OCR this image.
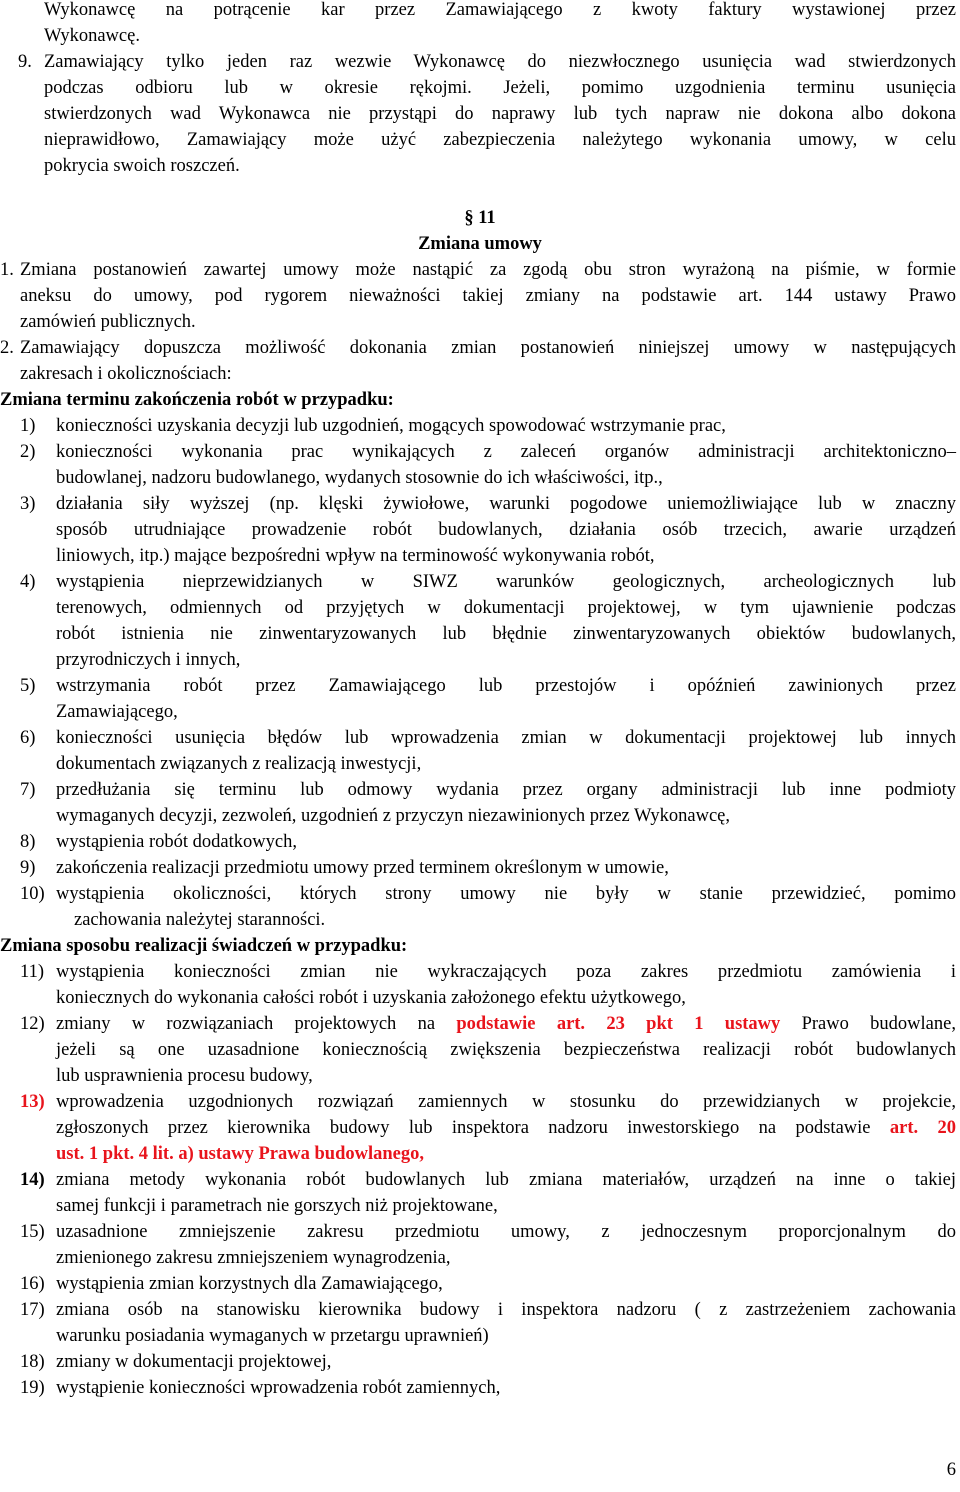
Wykonawcę na potrącenie kar przez Zamawiającego z kwoty faktury wystawionej przez
Wykonawcę.
9. Zamawiający tylko jeden raz wezwie Wykonawcę do niezwłocznego usunięcia wad stwierdzonych
podczas odbioru lub w okresie rękojmi. Jeżeli, pomimo uzgodnienia terminu usunięcia
stwierdzonych wad Wykonawca nie przystąpi do naprawy lub tych napraw nie dokona albo dokona
nieprawidłowo, Zamawiający może użyć zabezpieczenia należytego wykonania umowy, w celu
pokrycia swoich roszczeń.
§ 11
Zmiana umowy
1. Zmiana postanowień zawartej umowy może nastąpić za zgodą obu stron wyrażoną na piśmie, w formie
aneksu do umowy, pod rygorem nieważności takiej zmiany na podstawie art. 144 ustawy Prawo
zamówień publicznych.
2. Zamawiający dopuszcza możliwość dokonania zmian postanowień niniejszej umowy w następujących
zakresach i okolicznościach:
Zmiana terminu zakończenia robót w przypadku:
1) konieczności uzyskania decyzji lub uzgodnień, mogących spowodować wstrzymanie prac,
2) konieczności wykonania prac wynikających z zaleceń organów administracji architektoniczno–
budowlanej, nadzoru budowlanego, wydanych stosownie do ich właściwości, itp.,
3) działania siły wyższej (np. klęski żywiołowe, warunki pogodowe uniemożliwiające lub w znaczny
sposób utrudniające prowadzenie robót budowlanych, działania osób trzecich, awarie urządzeń
liniowych, itp.) mające bezpośredni wpływ na terminowość wykonywania robót,
4) wystąpienia nieprzewidzianych w SIWZ warunków geologicznych, archeologicznych lub
terenowych, odmiennych od przyjętych w dokumentacji projektowej, w tym ujawnienie podczas
robót istnienia nie zinwentaryzowanych lub błędnie zinwentaryzowanych obiektów budowlanych,
przyrodniczych i innych,
5) wstrzymania robót przez Zamawiającego lub przestojów i opóźnień zawinionych przez
Zamawiającego,
6) konieczności usunięcia błędów lub wprowadzenia zmian w dokumentacji projektowej lub innych
dokumentach związanych z realizacją inwestycji,
7) przedłużania się terminu lub odmowy wydania przez organy administracji lub inne podmioty
wymaganych decyzji, zezwoleń, uzgodnień z przyczyn niezawinionych przez Wykonawcę,
8) wystąpienia robót dodatkowych,
9) zakończenia realizacji przedmiotu umowy przed terminem określonym w umowie,
10) wystąpienia okoliczności, których strony umowy nie były w stanie przewidzieć, pomimo
zachowania należytej staranności.
Zmiana sposobu realizacji świadczeń w przypadku:
11) wystąpienia konieczności zmian nie wykraczających poza zakres przedmiotu zamówienia i
koniecznych do wykonania całości robót i uzyskania założonego efektu użytkowego,
12) zmiany w rozwiązaniach projektowych na podstawie art. 23 pkt 1 ustawy Prawo budowlane,
jeżeli są one uzasadnione koniecznością zwiększenia bezpieczeństwa realizacji robót budowlanych
lub usprawnienia procesu budowy,
13) wprowadzenia uzgodnionych rozwiązań zamiennych w stosunku do przewidzianych w projekcie,
zgłoszonych przez kierownika budowy lub inspektora nadzoru inwestorskiego na podstawie art. 20
ust. 1 pkt. 4 lit. a) ustawy Prawa budowlanego,
14) zmiana metody wykonania robót budowlanych lub zmiana materiałów, urządzeń na inne o takiej
samej funkcji i parametrach nie gorszych niż projektowane,
15) uzasadnione zmniejszenie zakresu przedmiotu umowy, z jednoczesnym proporcjonalnym do
zmienionego zakresu zmniejszeniem wynagrodzenia,
16) wystąpienia zmian korzystnych dla Zamawiającego,
17) zmiana osób na stanowisku kierownika budowy i inspektora nadzoru ( z zastrzeżeniem zachowania
warunku posiadania wymaganych w przetargu uprawnień)
18) zmiany w dokumentacji projektowej,
19) wystąpienie konieczności wprowadzenia robót zamiennych,
6
